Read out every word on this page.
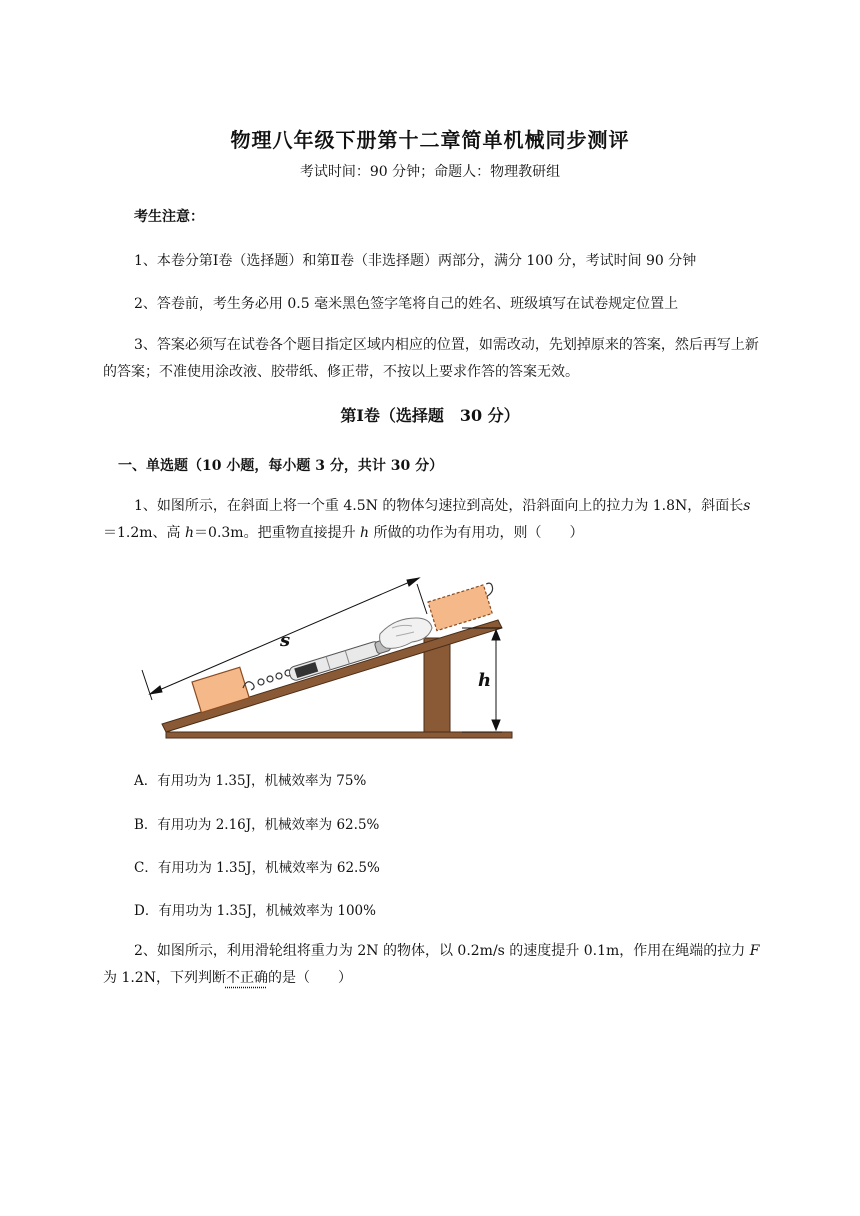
物理八年级下册第十二章简单机械同步测评
考试时间：90 分钟；命题人：物理教研组
考生注意：
1、本卷分第Ⅰ卷（选择题）和第Ⅱ卷（非选择题）两部分，满分 100 分，考试时间 90 分钟
2、答卷前，考生务必用 0.5 毫米黑色签字笔将自己的姓名、班级填写在试卷规定位置上
3、答案必须写在试卷各个题目指定区域内相应的位置，如需改动，先划掉原来的答案，然后再写上新的答案；不准使用涂改液、胶带纸、修正带，不按以上要求作答的答案无效。
第Ⅰ卷（选择题　30 分）
一、单选题（10 小题，每小题 3 分，共计 30 分）
1、如图所示，在斜面上将一个重 4.5N 的物体匀速拉到高处，沿斜面向上的拉力为 1.8N，斜面长s＝1.2m、高 h＝0.3m。把重物直接提升 h 所做的功作为有用功，则（　　）
s
h
A．有用功为 1.35J，机械效率为 75%
B．有用功为 2.16J，机械效率为 62.5%
C．有用功为 1.35J，机械效率为 62.5%
D．有用功为 1.35J，机械效率为 100%
2、如图所示，利用滑轮组将重力为 2N 的物体，以 0.2m/s 的速度提升 0.1m，作用在绳端的拉力 F为 1.2N，下列判断不正确的是（　　）
